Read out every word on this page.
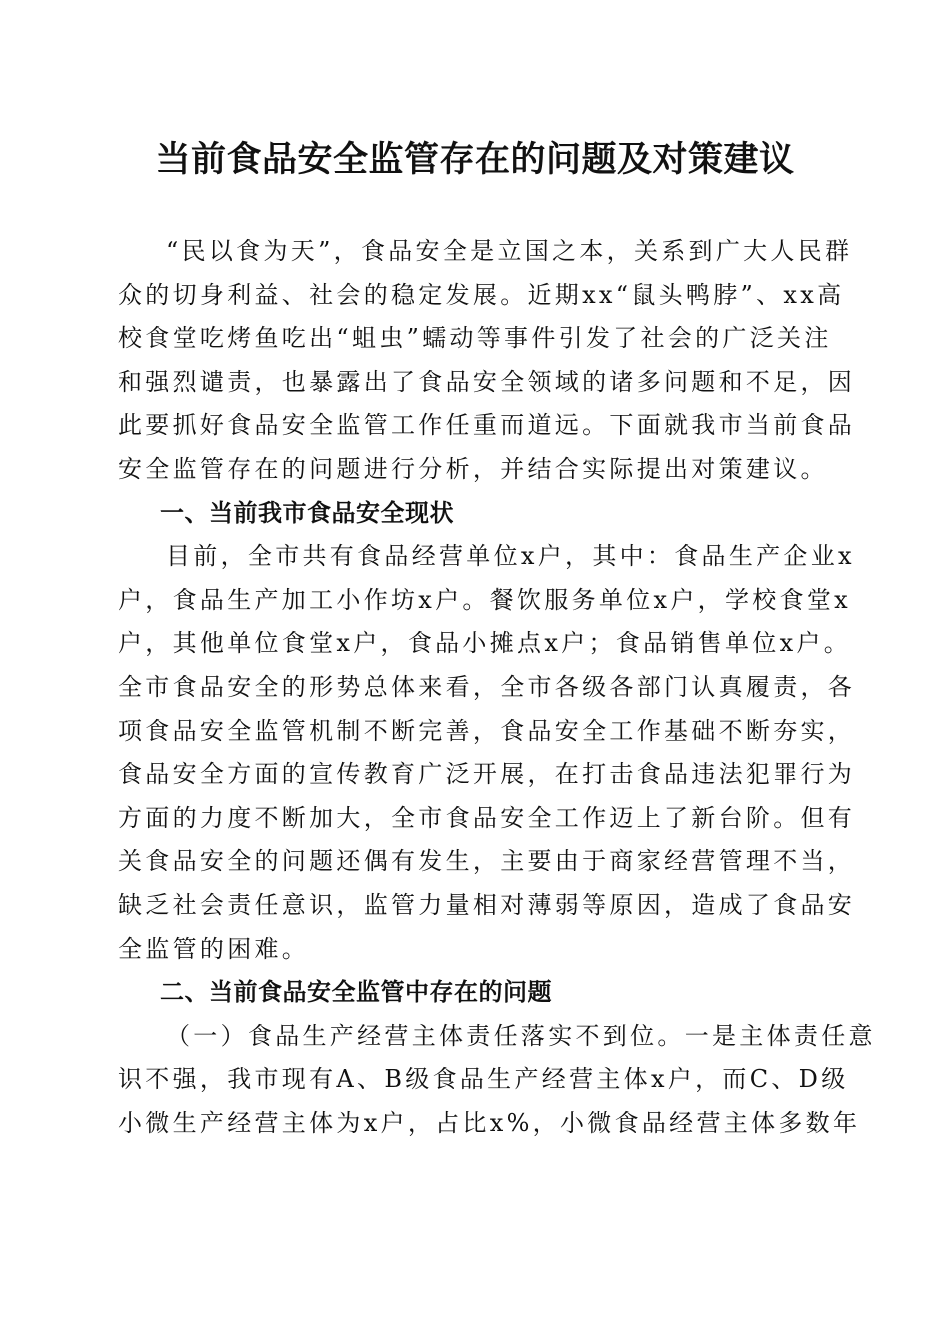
当前食品安全监管存在的问题及对策建议
“民以食为天”，食品安全是立国之本，关系到广大人民群
众的切身利益、社会的稳定发展。近期xx“鼠头鸭脖”、xx高
校食堂吃烤鱼吃出“蛆虫”蠕动等事件引发了社会的广泛关注
和强烈谴责，也暴露出了食品安全领域的诸多问题和不足，因
此要抓好食品安全监管工作任重而道远。下面就我市当前食品
安全监管存在的问题进行分析，并结合实际提出对策建议。
一、当前我市食品安全现状
目前，全市共有食品经营单位x户，其中：食品生产企业x
户，食品生产加工小作坊x户。餐饮服务单位x户，学校食堂x
户，其他单位食堂x户，食品小摊点x户；食品销售单位x户。
全市食品安全的形势总体来看，全市各级各部门认真履责，各
项食品安全监管机制不断完善，食品安全工作基础不断夯实，
食品安全方面的宣传教育广泛开展，在打击食品违法犯罪行为
方面的力度不断加大，全市食品安全工作迈上了新台阶。但有
关食品安全的问题还偶有发生，主要由于商家经营管理不当，
缺乏社会责任意识，监管力量相对薄弱等原因，造成了食品安
全监管的困难。
二、当前食品安全监管中存在的问题
（一）食品生产经营主体责任落实不到位。一是主体责任意
识不强，我市现有A、B级食品生产经营主体x户，而C、D级
小微生产经营主体为x户，占比x%，小微食品经营主体多数年
